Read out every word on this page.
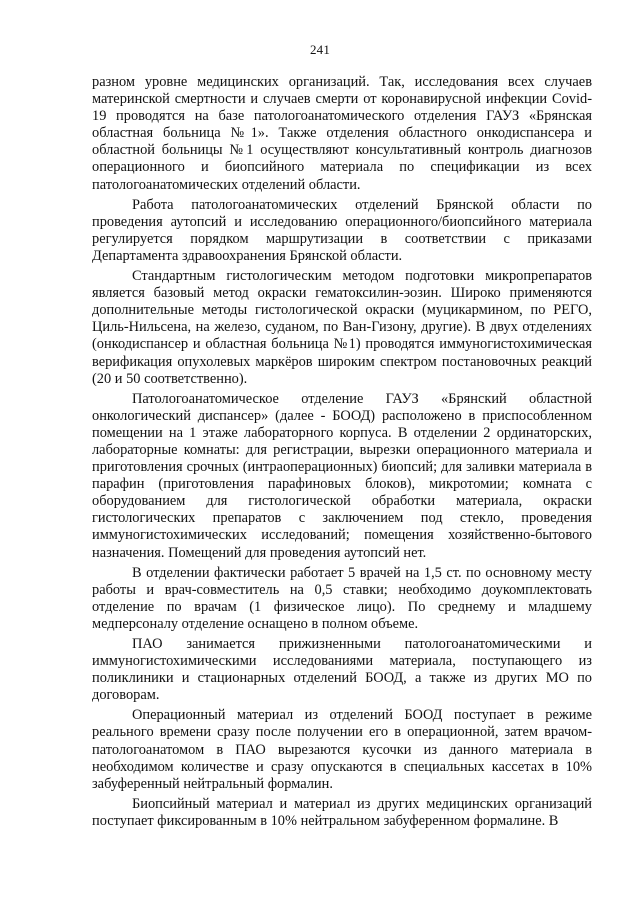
241

разном уровне медицинских организаций. Так, исследования всех случаев материнской смертности и случаев смерти от коронавирусной инфекции Covid-19 проводятся на базе патологоанатомического отделения ГАУЗ «Брянская областная больница №1». Также отделения областного онкодиспансера и областной больницы №1 осуществляют консультативный контроль диагнозов операционного и биопсийного материала по спецификации из всех патологоанатомических отделений области.

Работа патологоанатомических отделений Брянской области по проведения аутопсий и исследованию операционного/биопсийного материала регулируется порядком маршрутизации в соответствии с приказами Департамента здравоохранения Брянской области.

Стандартным гистологическим методом подготовки микропрепаратов является базовый метод окраски гематоксилин-эозин. Широко применяются дополнительные методы гистологической окраски (муцикармином, по РЕГО, Циль-Нильсена, на железо, суданом, по Ван-Гизону, другие). В двух отделениях (онкодиспансер и областная больница №1) проводятся иммуногистохимическая верификация опухолевых маркёров широким спектром постановочных реакций (20 и 50 соответственно).

Патологоанатомическое отделение ГАУЗ «Брянский областной онкологический диспансер» (далее - БООД) расположено в приспособленном помещении на 1 этаже лабораторного корпуса. В отделении 2 ординаторских, лабораторные комнаты: для регистрации, вырезки операционного материала и приготовления срочных (интраоперационных) биопсий; для заливки материала в парафин (приготовления парафиновых блоков), микротомии; комната с оборудованием для гистологической обработки материала, окраски гистологических препаратов с заключением под стекло, проведения иммуногистохимических исследований; помещения хозяйственно-бытового назначения. Помещений для проведения аутопсий нет.

В отделении фактически работает 5 врачей на 1,5 ст. по основному месту работы и врач-совместитель на 0,5 ставки; необходимо доукомплектовать отделение по врачам (1 физическое лицо). По среднему и младшему медперсоналу отделение оснащено в полном объеме.

ПАО занимается прижизненными патологоанатомическими и иммуногистохимическими исследованиями материала, поступающего из поликлиники и стационарных отделений БООД, а также из других МО по договорам.

Операционный материал из отделений БООД поступает в режиме реального времени сразу после получении его в операционной, затем врачом-патологоанатомом в ПАО вырезаются кусочки из данного материала в необходимом количестве и сразу опускаются в специальных кассетах в 10% забуференный нейтральный формалин.

Биопсийный материал и материал из других медицинских организаций поступает фиксированным в 10% нейтральном забуференном формалине. В
